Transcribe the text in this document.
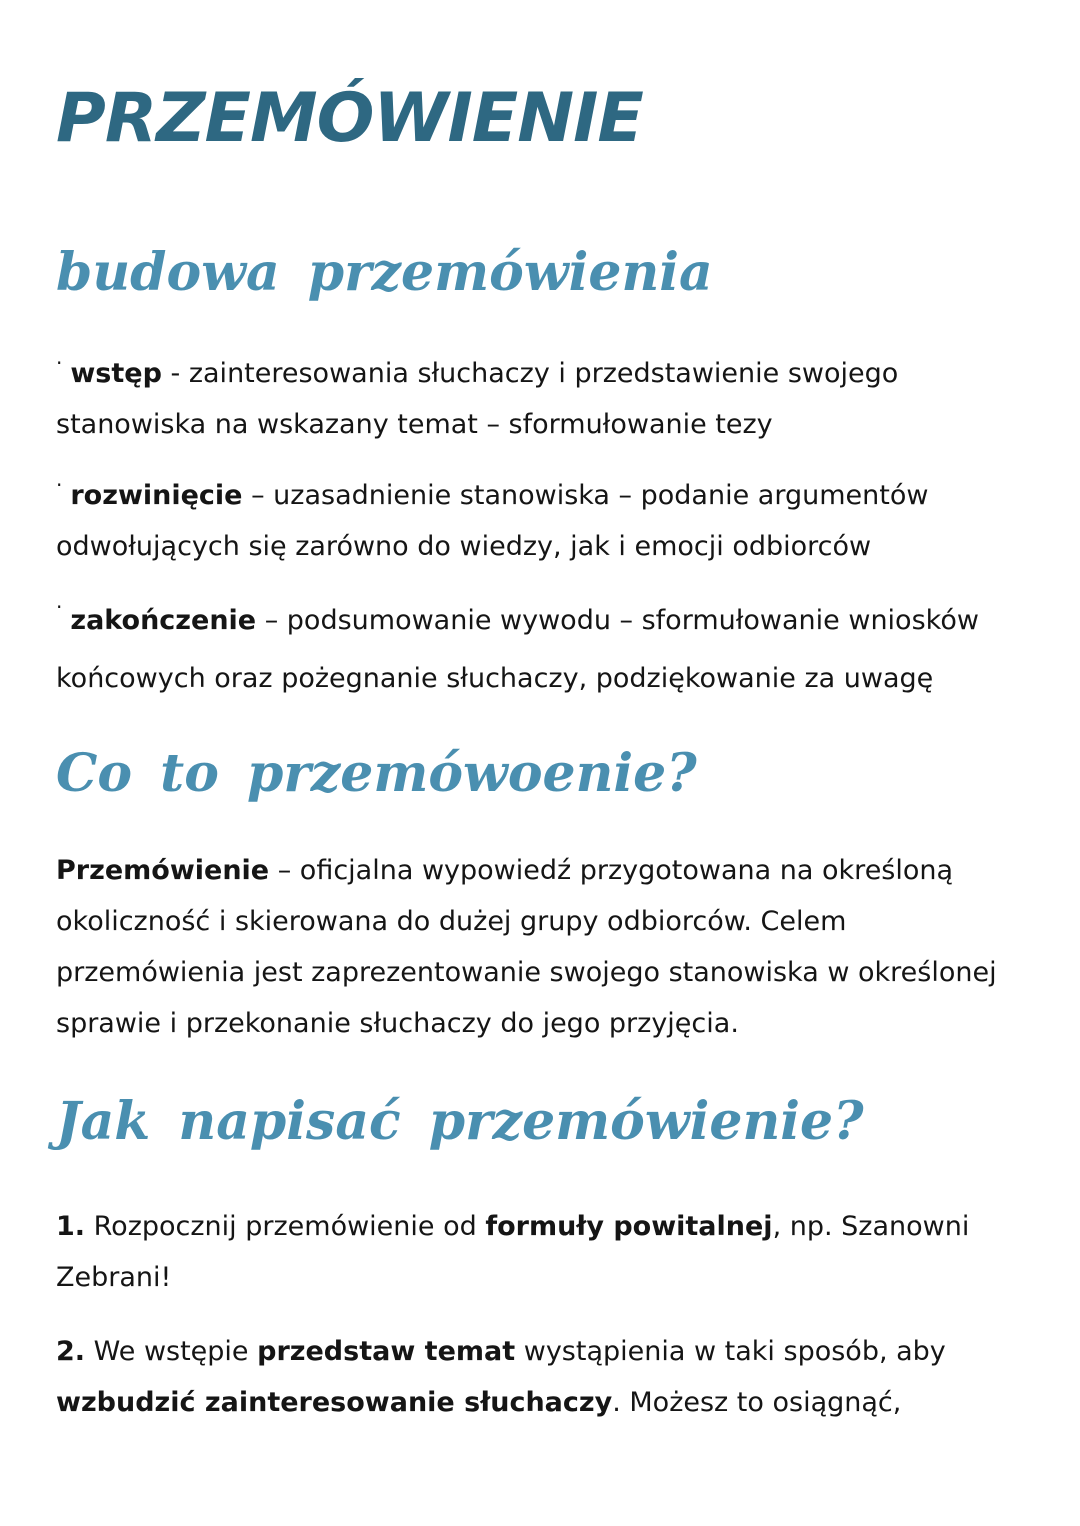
PRZEMÓWIENIE
budowa przemówienia

· wstęp - zainteresowania słuchaczy i przedstawienie swojego stanowiska na wskazany temat – sformułowanie tezy

· rozwinięcie – uzasadnienie stanowiska – podanie argumentów odwołujących się zarówno do wiedzy, jak i emocji odbiorców

· zakończenie – podsumowanie wywodu – sformułowanie wniosków końcowych oraz pożegnanie słuchaczy, podziękowanie za uwagę

Co to przemówoenie?

Przemówienie – oficjalna wypowiedź przygotowana na określoną okoliczność i skierowana do dużej grupy odbiorców. Celem przemówienia jest zaprezentowanie swojego stanowiska w określonej sprawie i przekonanie słuchaczy do jego przyjęcia.

Jak napisać przemówienie?

1. Rozpocznij przemówienie od formuły powitalnej, np. Szanowni Zebrani!

2. We wstępie przedstaw temat wystąpienia w taki sposób, aby wzbudzić zainteresowanie słuchaczy. Możesz to osiągnąć,
